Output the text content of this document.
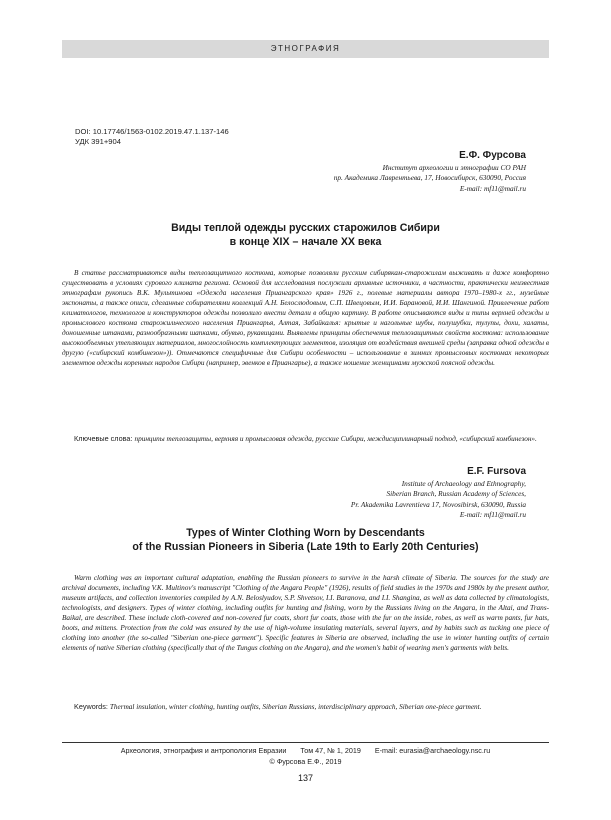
ЭТНОГРАФИЯ
DOI: 10.17746/1563-0102.2019.47.1.137-146
УДК 391+904
Е.Ф. Фурсова
Институт археологии и этнографии СО РАН
пр. Академика Лаврентьева, 17, Новосибирск, 630090, Россия
E-mail: mf11@mail.ru
Виды теплой одежды русских старожилов Сибири
в конце XIX – начале XX века
В статье рассматриваются виды теплозащитного костюма, которые позволяли русским сибирякам-старожилам выживать и даже комфортно существовать в условиях сурового климата региона. Основой для исследования послужили архивные источники, в частности, практически неизвестная этнографам рукопись В.К. Мультинова «Одежда населения Приангарского края» 1926 г., полевые материалы автора 1970–1980-х гг., музейные экспонаты, а также описи, сделанные собирателями коллекций А.Н. Белослюдовым, С.П. Швецовым, И.И. Барановой, И.И. Шангиной. Привлечение работ климатологов, технологов и конструкторов одежды позволило внести детали в общую картину. В работе описываются виды и типы верхней одежды и промыслового костюма старожильческого населения Приангарья, Алтая, Забайкалья: крытые и нагольные шубы, полушубки, тулупы, дохи, халаты, доношенные штанами, разнообразными шапками, обувью, рукавицами. Выявлены принципы обеспечения теплозащитных свойств костюма: использование высокообъемных утепляющих материалов, многослойность комплектующих элементов, изоляция от воздействия внешней среды (заправка одной одежды в другую («сибирский комбинезон»)). Отмечаются специфичные для Сибири особенности – использование в зимних промысловых костюмах некоторых элементов одежды коренных народов Сибири (например, эвенков в Приангарье), а также ношение женщинами мужской поясной одежды.
Ключевые слова: принципы теплозащиты, верхняя и промысловая одежда, русские Сибири, междисциплинарный подход, «сибирский комбинезон».
E.F. Fursova
Institute of Archaeology and Ethnography,
Siberian Branch, Russian Academy of Sciences,
Pr. Akademika Lavrentieva 17, Novosibirsk, 630090, Russia
E-mail: mf11@mail.ru
Types of Winter Clothing Worn by Descendants
of the Russian Pioneers in Siberia (Late 19th to Early 20th Centuries)
Warm clothing was an important cultural adaptation, enabling the Russian pioneers to survive in the harsh climate of Siberia. The sources for the study are archival documents, including V.K. Multinov's manuscript "Clothing of the Angara People" (1926), results of field studies in the 1970s and 1980s by the present author, museum artifacts, and collection inventories compiled by A.N. Beloslyudov, S.P. Shvetsov, I.I. Baranova, and I.I. Shangina, as well as data collected by climatologists, technologists, and designers. Types of winter clothing, including outfits for hunting and fishing, worn by the Russians living on the Angara, in the Altai, and Trans-Baikal, are described. These include cloth-covered and non-covered fur coats, short fur coats, those with the fur on the inside, robes, as well as warm pants, fur hats, boots, and mittens. Protection from the cold was ensured by the use of high-volume insulating materials, several layers, and by habits such as tucking one piece of clothing into another (the so-called "Siberian one-piece garment"). Specific features in Siberia are observed, including the use in winter hunting outfits of certain elements of native Siberian clothing (specifically that of the Tungus clothing on the Angara), and the women's habit of wearing men's garments with belts.
Keywords: Thermal insulation, winter clothing, hunting outfits, Siberian Russians, interdisciplinary approach, Siberian one-piece garment.
Археология, этнография и антропология Евразии Том 47, № 1, 2019 E-mail: eurasia@archaeology.nsc.ru
© Фурсова Е.Ф., 2019
137
